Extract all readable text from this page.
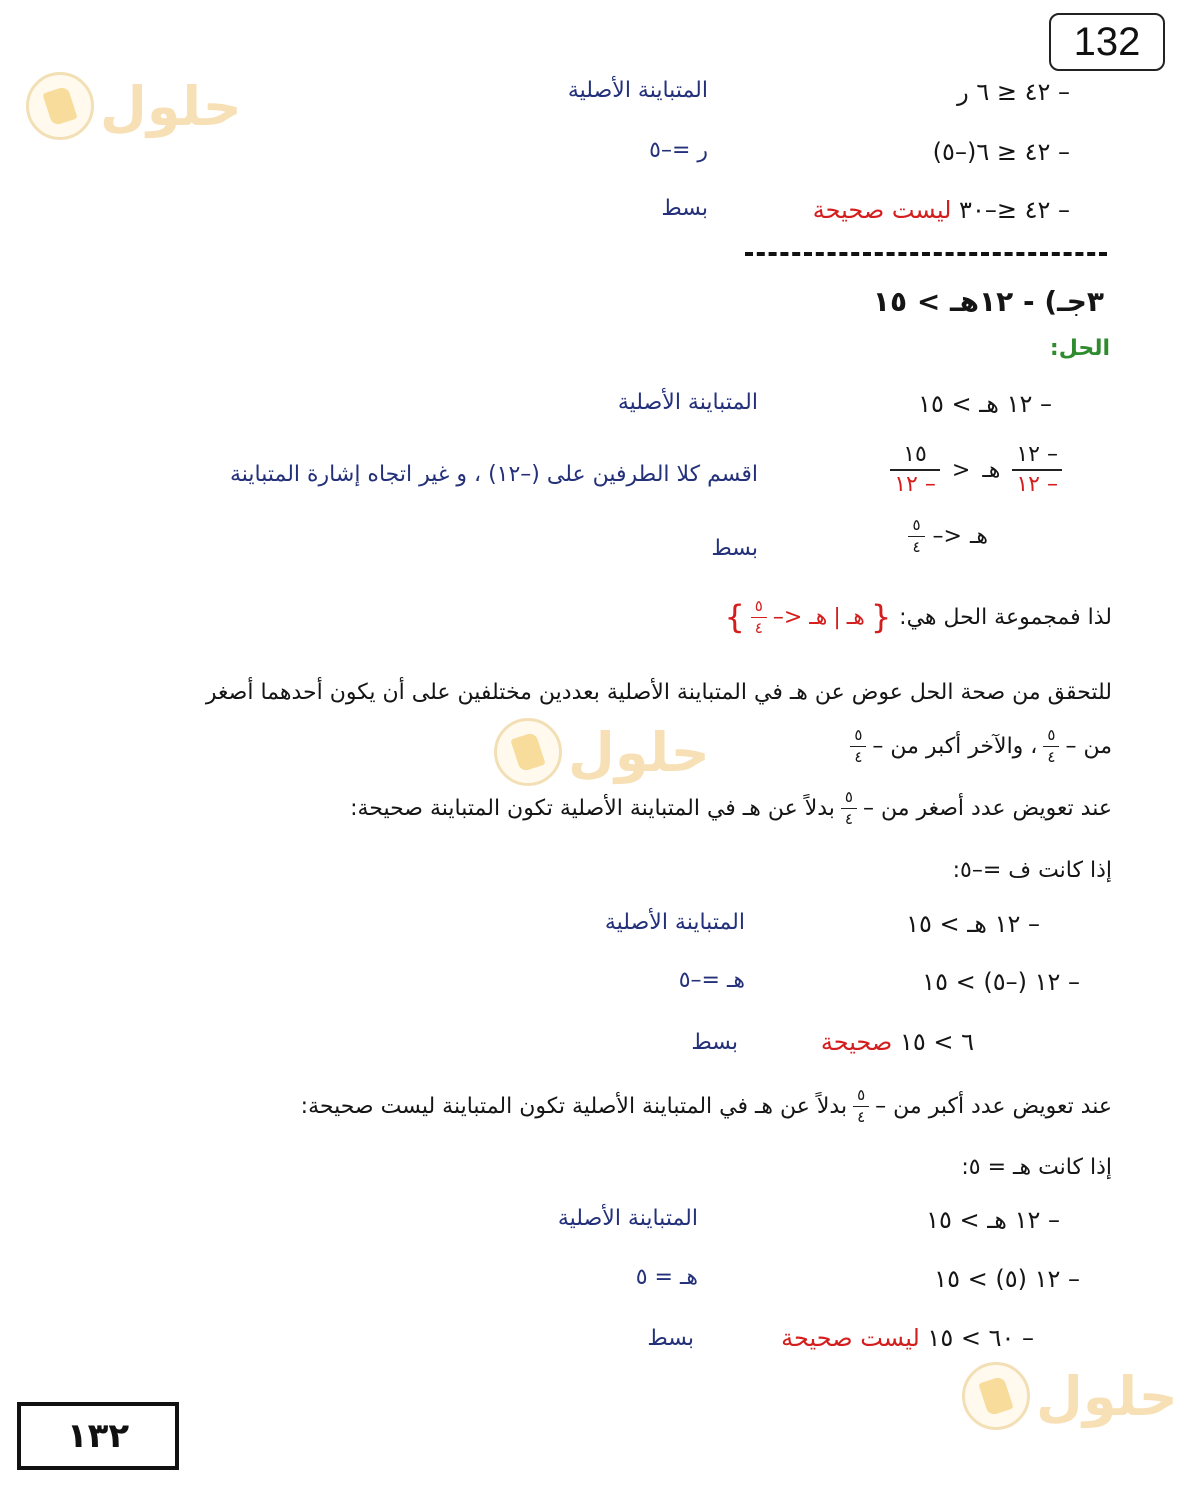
132
حلول
حلول
حلول
– ٤٢ ≤ ٦ ر
المتباينة الأصلية
– ٤٢ ≤ ٦(–٥)
ر =–٥
– ٤٢ ≤–٣٠ ليست صحيحة
بسط
٣جـ) - ١٢هـ > ١٥
الحل:
– ١٢ هـ > ١٥
المتباينة الأصلية
$\frac{- ١٢}{- ١٢}$
هـ
<
$\frac{١٥}{- ١٢}$
اقسم كلا الطرفين على (–١٢) ، و غير اتجاه إشارة المتباينة
هـ
<–
$\frac{٥}{٤}$
بسط
لذا فمجموعة الحل هي:
{
هـ
|
هـ <–
$\frac{٥}{٤}$
}
للتحقق من صحة الحل عوض عن هـ في المتباينة الأصلية بعددين مختلفين على أن يكون أحدهما أصغر
من –
$\frac{٥}{٤}$
، والآخر أكبر من –
$\frac{٥}{٤}$
عند تعويض عدد أصغر من –
$\frac{٥}{٤}$
بدلاً عن هـ في المتباينة الأصلية تكون المتباينة صحيحة:
إذا كانت ف =–٥:
– ١٢ هـ > ١٥
المتباينة الأصلية
– ١٢ (–٥) > ١٥
هـ =–٥
٦ > ١٥ صحيحة
بسط
عند تعويض عدد أكبر من –
$\frac{٥}{٤}$
بدلاً عن هـ في المتباينة الأصلية تكون المتباينة ليست صحيحة:
إذا كانت هـ = ٥:
– ١٢ هـ > ١٥
المتباينة الأصلية
– ١٢ (٥) > ١٥
هـ = ٥
– ٦٠ > ١٥ ليست صحيحة
بسط
١٣٢
